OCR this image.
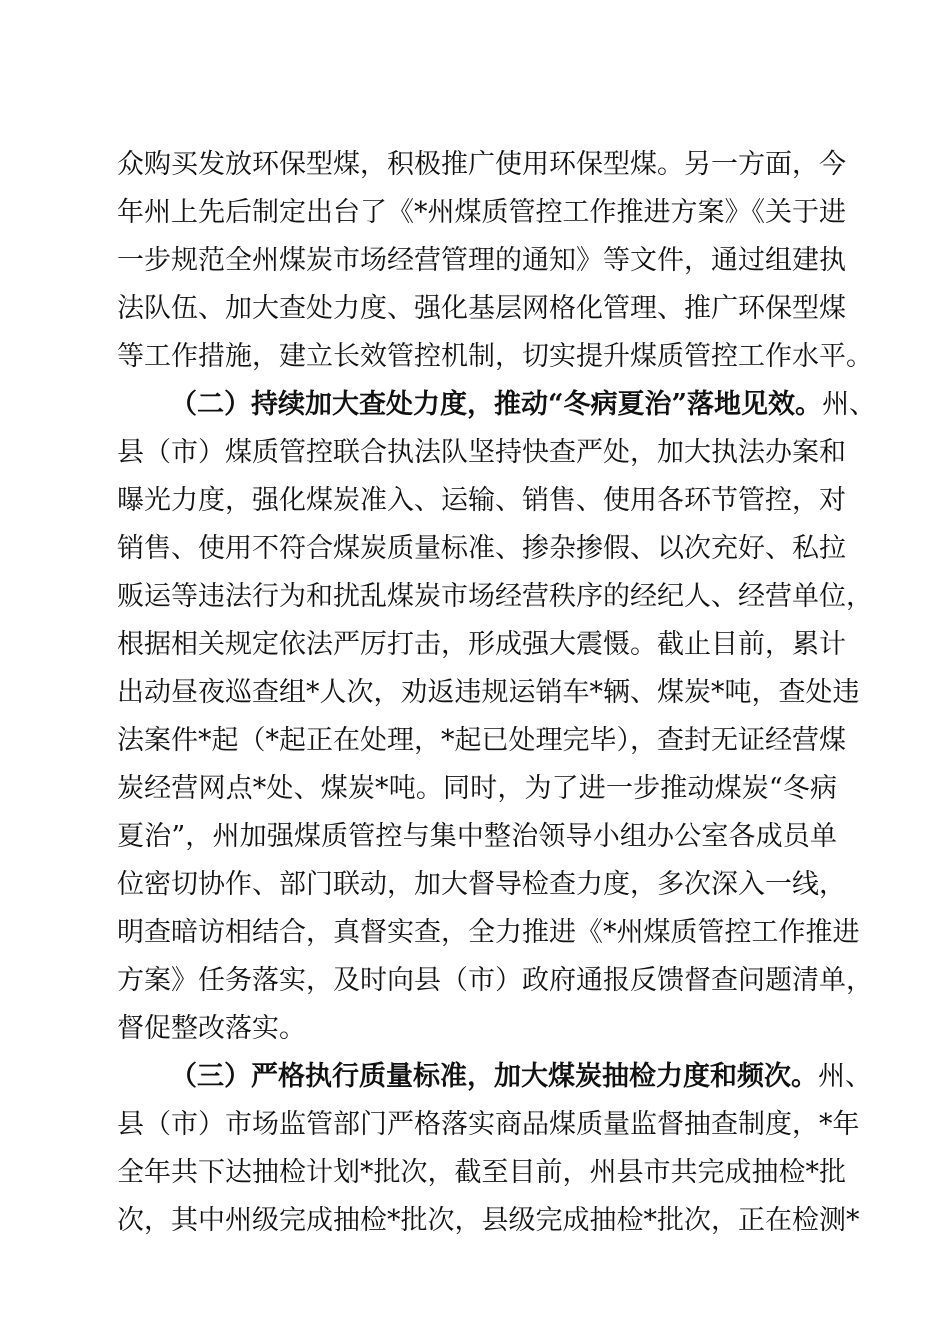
众购买发放环保型煤，积极推广使用环保型煤。另一方面，今
年州上先后制定出台了《*州煤质管控工作推进方案》《关于进
一步规范全州煤炭市场经营管理的通知》等文件，通过组建执
法队伍、加大查处力度、强化基层网格化管理、推广环保型煤
等工作措施，建立长效管控机制，切实提升煤质管控工作水平。
（二）持续加大查处力度，推动“冬病夏治”落地见效。州、
县（市）煤质管控联合执法队坚持快查严处，加大执法办案和
曝光力度，强化煤炭准入、运输、销售、使用各环节管控，对
销售、使用不符合煤炭质量标准、掺杂掺假、以次充好、私拉
贩运等违法行为和扰乱煤炭市场经营秩序的经纪人、经营单位，
根据相关规定依法严厉打击，形成强大震慑。截止目前，累计
出动昼夜巡查组*人次，劝返违规运销车*辆、煤炭*吨，查处违
法案件*起（*起正在处理，*起已处理完毕），查封无证经营煤
炭经营网点*处、煤炭*吨。同时，为了进一步推动煤炭“冬病
夏治”，州加强煤质管控与集中整治领导小组办公室各成员单
位密切协作、部门联动，加大督导检查力度，多次深入一线，
明查暗访相结合，真督实查，全力推进《*州煤质管控工作推进
方案》任务落实，及时向县（市）政府通报反馈督查问题清单，
督促整改落实。
（三）严格执行质量标准，加大煤炭抽检力度和频次。州、
县（市）市场监管部门严格落实商品煤质量监督抽查制度，*年
全年共下达抽检计划*批次，截至目前，州县市共完成抽检*批
次，其中州级完成抽检*批次，县级完成抽检*批次，正在检测*
